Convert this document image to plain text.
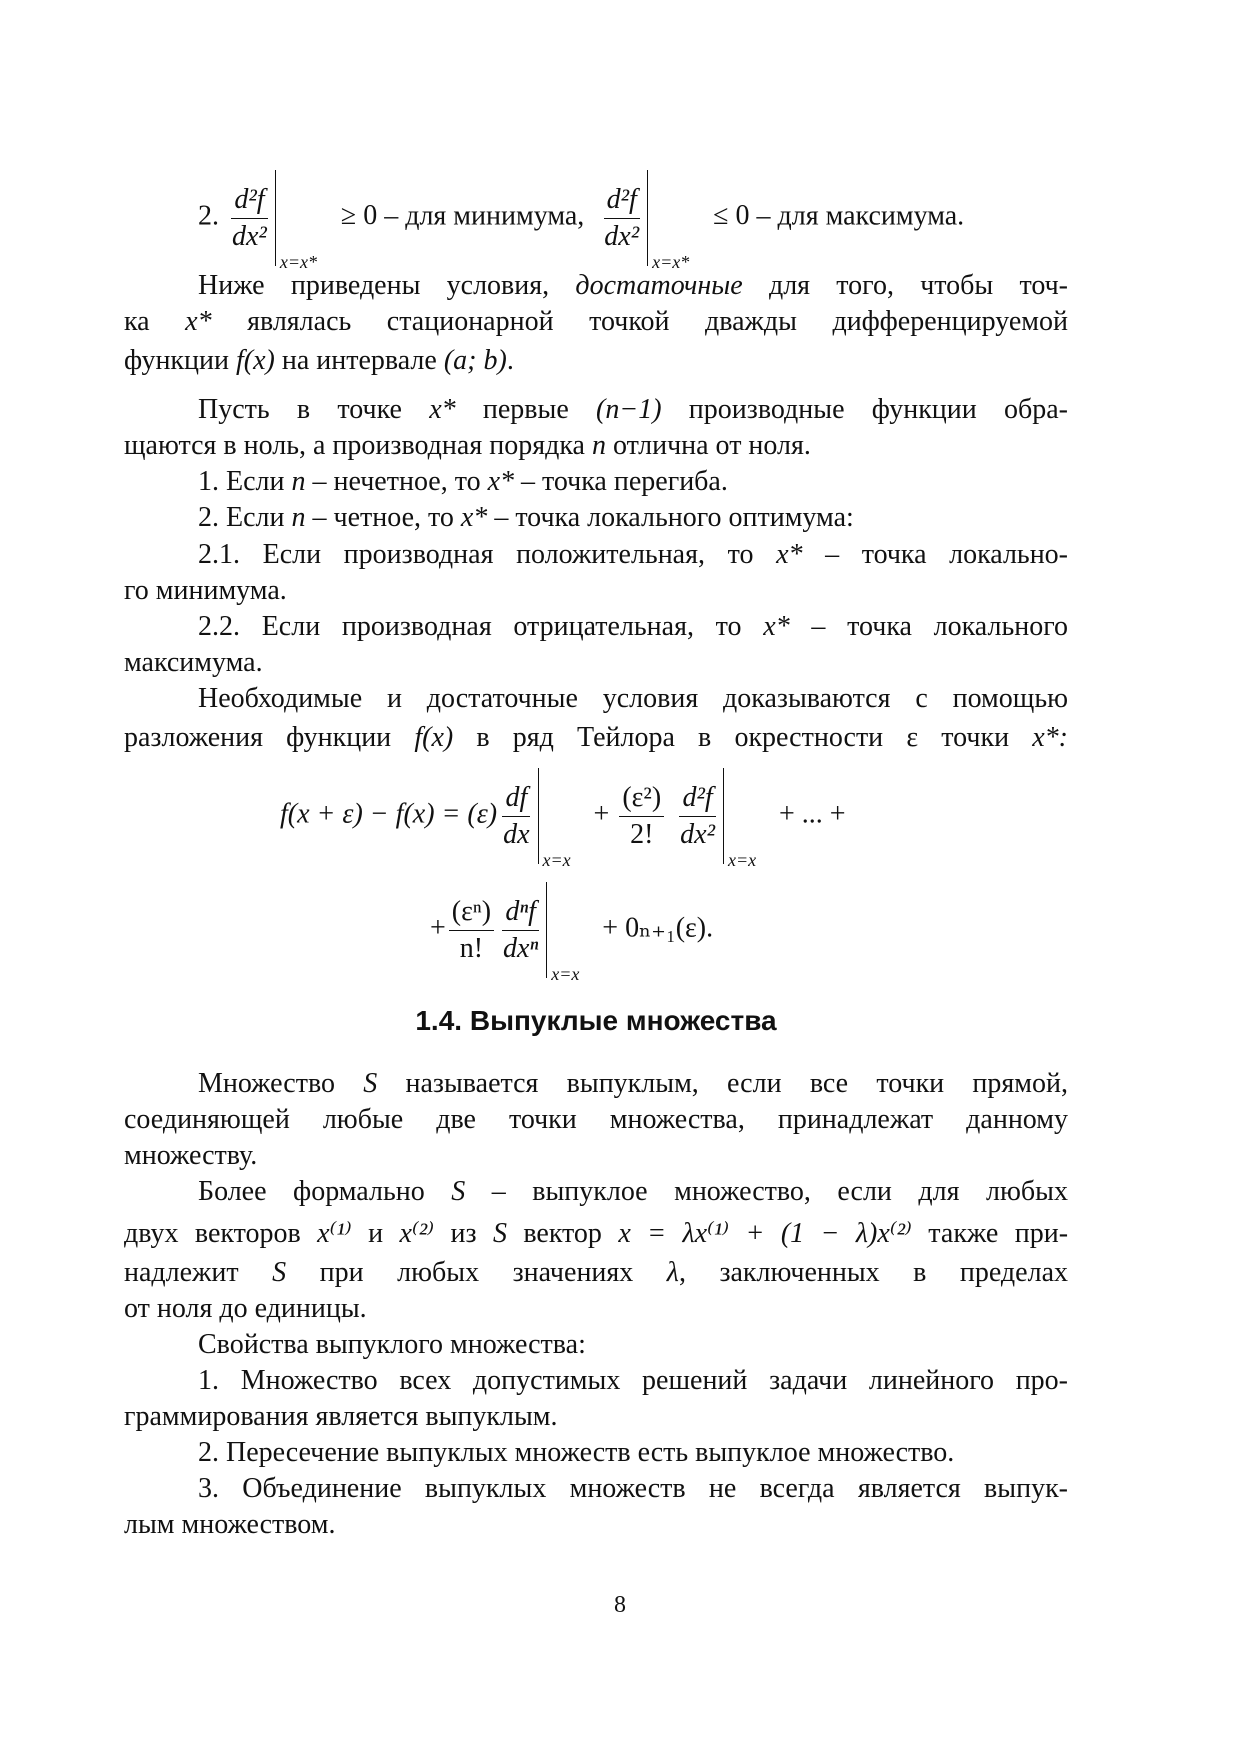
2. $\frac{\text{d²f}}{\text{dx²}}$
x=x*
≥ 0 – для минимума, $\frac{\text{d²f}}{\text{dx²}}$
x=x*
≤ 0 – для максимума.
Ниже приведены условия, достаточные для того, чтобы точ-
ка x* являлась стационарной точкой дважды дифференцируемой
функции f(x) на интервале (a; b).
Пусть в точке x* первые (n−1) производные функции обра-
щаются в ноль, а производная порядка n отлична от ноля.
1. Если n – нечетное, то x* – точка перегиба.
2. Если n – четное, то x* – точка локального оптимума:
2.1. Если производная положительная, то x* – точка локально-
го минимума.
2.2. Если производная отрицательная, то x* – точка локального
максимума.
Необходимые и достаточные условия доказываются с помощью
разложения функции f(x) в ряд Тейлора в окрестности ε точки x*:
$f(x + \varepsilon) - f(x) = (\varepsilon) \frac{df}{dx}$
x=x
+ $\frac{\text{(ε²)}}{2!}$
$\frac{\text{d²f}}{\text{dx²}}$
x=x
+ ... +
+ $\frac{\text{(εⁿ)}}{n!} \frac{\text{dⁿf}}{\text{dxⁿ}}$
x=x
+ 0ₙ₊₁(ε).
1.4. Выпуклые множества
Множество S называется выпуклым, если все точки прямой,
соединяющей любые две точки множества, принадлежат данному
множеству.
Более формально S – выпуклое множество, если для любых
двух векторов x⁽¹⁾ и x⁽²⁾ из S вектор x = λx⁽¹⁾ + (1 − λ)x⁽²⁾ также при-
надлежит S при любых значениях λ, заключенных в пределах
от ноля до единицы.
Свойства выпуклого множества:
1. Множество всех допустимых решений задачи линейного про-
граммирования является выпуклым.
2. Пересечение выпуклых множеств есть выпуклое множество.
3. Объединение выпуклых множеств не всегда является выпук-
лым множеством.
8
